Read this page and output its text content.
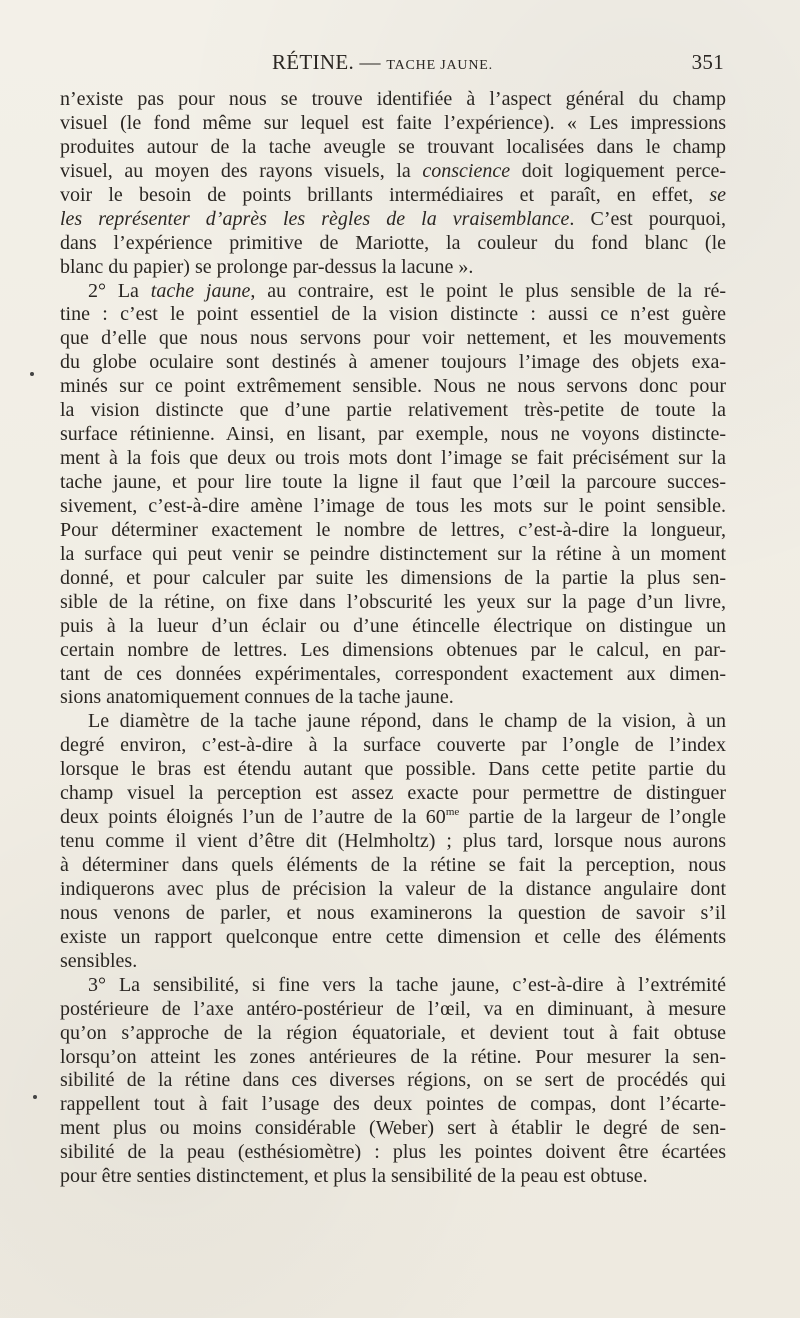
RÉTINE. — TACHE JAUNE.	351
n’existe pas pour nous se trouve identifiée à l’aspect général du champ
visuel (le fond même sur lequel est faite l’expérience). « Les impressions
produites autour de la tache aveugle se trouvant localisées dans le champ
visuel, au moyen des rayons visuels, la conscience doit logiquement perce-
voir le besoin de points brillants intermédiaires et paraît, en effet, se
les représenter d’après les règles de la vraisemblance. C’est pourquoi,
dans l’expérience primitive de Mariotte, la couleur du fond blanc (le
blanc du papier) se prolonge par-dessus la lacune ».
2° La tache jaune, au contraire, est le point le plus sensible de la ré-
tine : c’est le point essentiel de la vision distincte : aussi ce n’est guère
que d’elle que nous nous servons pour voir nettement, et les mouvements
du globe oculaire sont destinés à amener toujours l’image des objets exa-
minés sur ce point extrêmement sensible. Nous ne nous servons donc pour
la vision distincte que d’une partie relativement très-petite de toute la
surface rétinienne. Ainsi, en lisant, par exemple, nous ne voyons distincte-
ment à la fois que deux ou trois mots dont l’image se fait précisément sur la
tache jaune, et pour lire toute la ligne il faut que l’œil la parcoure succes-
sivement, c’est-à-dire amène l’image de tous les mots sur le point sensible.
Pour déterminer exactement le nombre de lettres, c’est-à-dire la longueur,
la surface qui peut venir se peindre distinctement sur la rétine à un moment
donné, et pour calculer par suite les dimensions de la partie la plus sen-
sible de la rétine, on fixe dans l’obscurité les yeux sur la page d’un livre,
puis à la lueur d’un éclair ou d’une étincelle électrique on distingue un
certain nombre de lettres. Les dimensions obtenues par le calcul, en par-
tant de ces données expérimentales, correspondent exactement aux dimen-
sions anatomiquement connues de la tache jaune.
Le diamètre de la tache jaune répond, dans le champ de la vision, à un
degré environ, c’est-à-dire à la surface couverte par l’ongle de l’index
lorsque le bras est étendu autant que possible. Dans cette petite partie du
champ visuel la perception est assez exacte pour permettre de distinguer
deux points éloignés l’un de l’autre de la $60^{me}$ partie de la largeur de l’ongle
tenu comme il vient d’être dit (Helmholtz) ; plus tard, lorsque nous aurons
à déterminer dans quels éléments de la rétine se fait la perception, nous
indiquerons avec plus de précision la valeur de la distance angulaire dont
nous venons de parler, et nous examinerons la question de savoir s’il
existe un rapport quelconque entre cette dimension et celle des éléments
sensibles.
3° La sensibilité, si fine vers la tache jaune, c’est-à-dire à l’extrémité
postérieure de l’axe antéro-postérieur de l’œil, va en diminuant, à mesure
qu’on s’approche de la région équatoriale, et devient tout à fait obtuse
lorsqu’on atteint les zones antérieures de la rétine. Pour mesurer la sen-
sibilité de la rétine dans ces diverses régions, on se sert de procédés qui
rappellent tout à fait l’usage des deux pointes de compas, dont l’écarte-
ment plus ou moins considérable (Weber) sert à établir le degré de sen-
sibilité de la peau (esthésiomètre) : plus les pointes doivent être écartées
pour être senties distinctement, et plus la sensibilité de la peau est obtuse.
